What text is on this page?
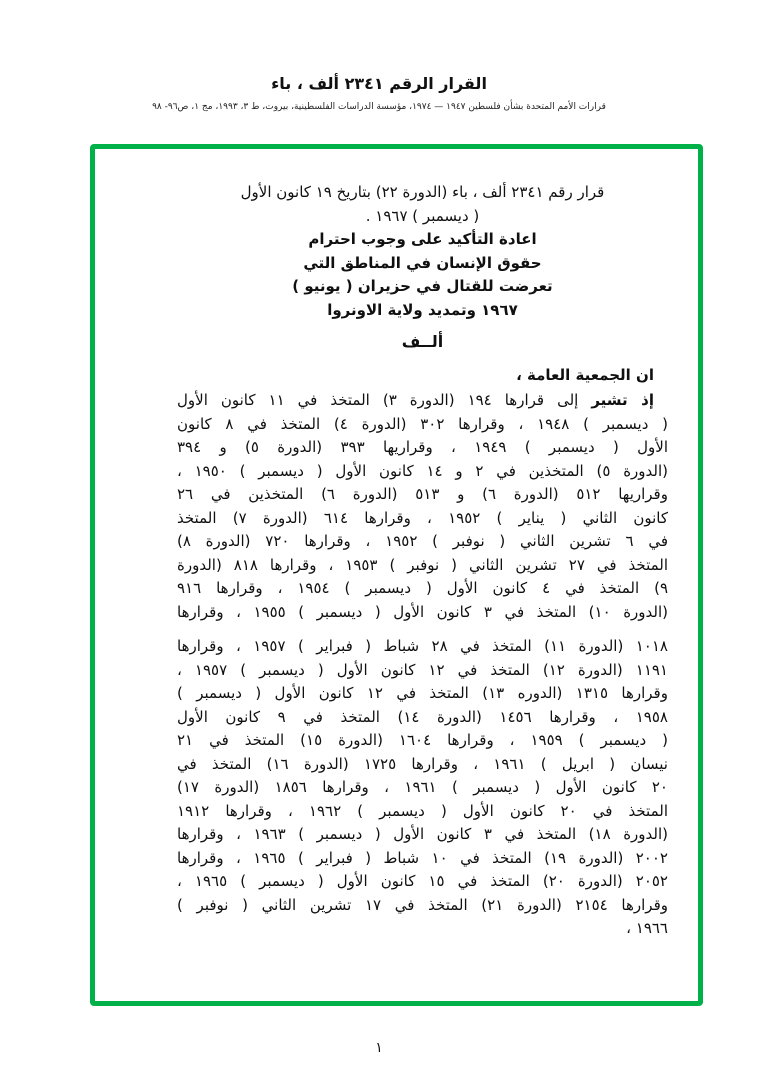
القرار الرقم ٢٣٤١ ألف ، باء
قرارات الأمم المتحدة بشأن فلسطين ١٩٤٧ — ١٩٧٤، مؤسسة الدراسات الفلسطينية، بيروت، ط ٣، ١٩٩٣، مج ١، ص٩٦- ٩٨
قرار رقم ٢٣٤١ ألف ، باء (الدورة ٢٢) بتاريخ ١٩ كانون الأول
( ديسمبر ) ١٩٦٧ .
اعادة التأكيد على وجوب احترام
حقوق الإنسان في المناطق التي
تعرضت للقتال في حزيران ( يونيو )
١٩٦٧ وتمديد ولاية الاونروا
ألــف
ان الجمعية العامة ،
إذ تشير إلى قرارها ١٩٤ (الدورة ٣) المتخذ في ١١ كانون الأول
( ديسمبر ) ١٩٤٨ ، وقرارها ٣٠٢ (الدورة ٤) المتخذ في ٨ كانون
الأول ( ديسمبر ) ١٩٤٩ ، وقراريها ٣٩٣ (الدورة ٥) و ٣٩٤
(الدورة ٥) المتخذين في ٢ و ١٤ كانون الأول ( ديسمبر ) ١٩٥٠ ،
وقراريها ٥١٢ (الدورة ٦) و ٥١٣ (الدورة ٦) المتخذين في ٢٦
كانون الثاني ( يناير ) ١٩٥٢ ، وقرارها ٦١٤ (الدورة ٧) المتخذ
في ٦ تشرين الثاني ( نوفبر ) ١٩٥٢ ، وقرارها ٧٢٠ (الدورة ٨)
المتخذ في ٢٧ تشرين الثاني ( نوفبر ) ١٩٥٣ ، وقرارها ٨١٨ (الدورة
٩) المتخذ في ٤ كانون الأول ( ديسمبر ) ١٩٥٤ ، وقرارها ٩١٦
(الدورة ١٠) المتخذ في ٣ كانون الأول ( ديسمبر ) ١٩٥٥ ، وقرارها
١٠١٨ (الدورة ١١) المتخذ في ٢٨ شباط ( فبراير ) ١٩٥٧ ، وقرارها
١١٩١ (الدورة ١٢) المتخذ في ١٢ كانون الأول ( ديسمبر ) ١٩٥٧ ،
وقرارها ١٣١٥ (الدوره ١٣) المتخذ في ١٢ كانون الأول ( ديسمبر )
١٩٥٨ ، وقرارها ١٤٥٦ (الدورة ١٤) المتخذ في ٩ كانون الأول
( ديسمبر ) ١٩٥٩ ، وقرارها ١٦٠٤ (الدورة ١٥) المتخذ في ٢١
نيسان ( ابريل ) ١٩٦١ ، وقرارها ١٧٢٥ (الدورة ١٦) المتخذ في
٢٠ كانون الأول ( ديسمبر ) ١٩٦١ ، وقرارها ١٨٥٦ (الدورة ١٧)
المتخذ في ٢٠ كانون الأول ( ديسمبر ) ١٩٦٢ ، وقرارها ١٩١٢
(الدورة ١٨) المتخذ في ٣ كانون الأول ( ديسمبر ) ١٩٦٣ ، وقرارها
٢٠٠٢ (الدورة ١٩) المتخذ في ١٠ شباط ( فبراير ) ١٩٦٥ ، وقرارها
٢٠٥٢ (الدورة ٢٠) المتخذ في ١٥ كانون الأول ( ديسمبر ) ١٩٦٥ ،
وقرارها ٢١٥٤ (الدورة ٢١) المتخذ في ١٧ تشرين الثاني ( نوفبر )
١٩٦٦ ،
١
